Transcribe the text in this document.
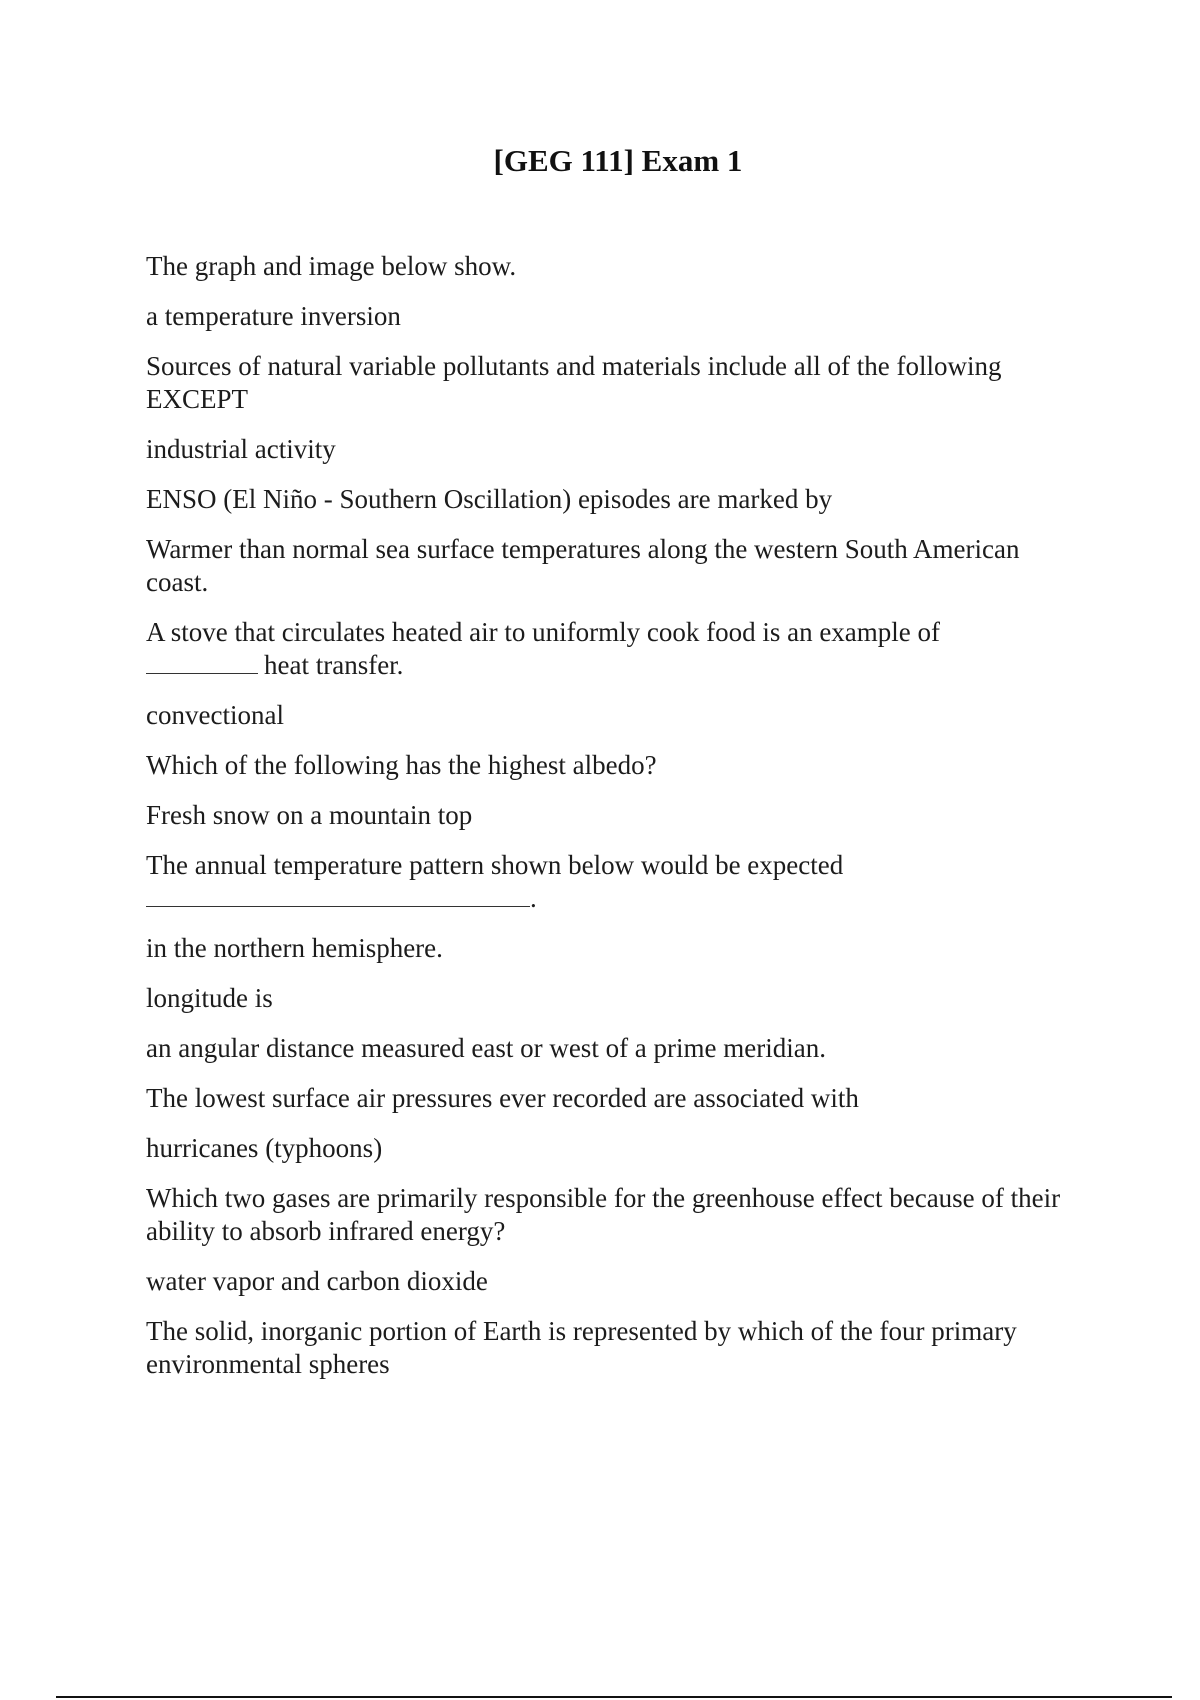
[GEG 111] Exam 1

The graph and image below show.

a temperature inversion

Sources of natural variable pollutants and materials include all of the following EXCEPT

industrial activity

ENSO (El Niño - Southern Oscillation) episodes are marked by

Warmer than normal sea surface temperatures along the western South American coast.

A stove that circulates heated air to uniformly cook food is an example of
heat transfer.

convectional

Which of the following has the highest albedo?

Fresh snow on a mountain top

The annual temperature pattern shown below would be expected
.

in the northern hemisphere.

longitude is

an angular distance measured east or west of a prime meridian.

The lowest surface air pressures ever recorded are associated with

hurricanes (typhoons)

Which two gases are primarily responsible for the greenhouse effect because of their ability to absorb infrared energy?

water vapor and carbon dioxide

The solid, inorganic portion of Earth is represented by which of the four primary environmental spheres
